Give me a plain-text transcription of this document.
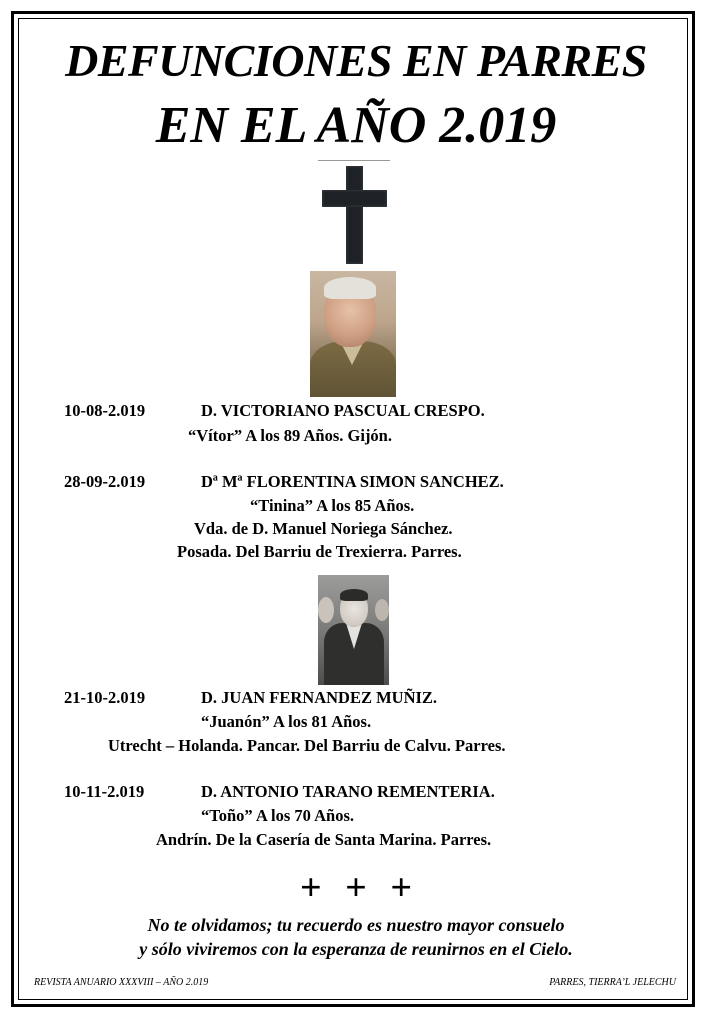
DEFUNCIONES EN PARRES
EN EL AÑO 2.019
10-08-2.019	D. VICTORIANO PASCUAL CRESPO.
“Vítor” A los 89 Años. Gijón.
28-09-2.019	Dª Mª FLORENTINA SIMON SANCHEZ.
“Tinina” A los 85 Años.
Vda. de D. Manuel Noriega Sánchez.
Posada. Del Barriu de Trexierra. Parres.
21-10-2.019	D. JUAN FERNANDEZ MUÑIZ.
“Juanón” A los 81 Años.
Utrecht – Holanda. Pancar. Del Barriu de Calvu. Parres.
10-11-2.019	D. ANTONIO TARANO REMENTERIA.
“Toño” A los 70 Años.
Andrín. De la Casería de Santa Marina. Parres.
+ + +
No te olvidamos; tu recuerdo es nuestro mayor consuelo
y sólo viviremos con la esperanza de reunirnos en el Cielo.
REVISTA ANUARIO XXXVIII – AÑO 2.019	PARRES, TIERRA’L JELECHU
